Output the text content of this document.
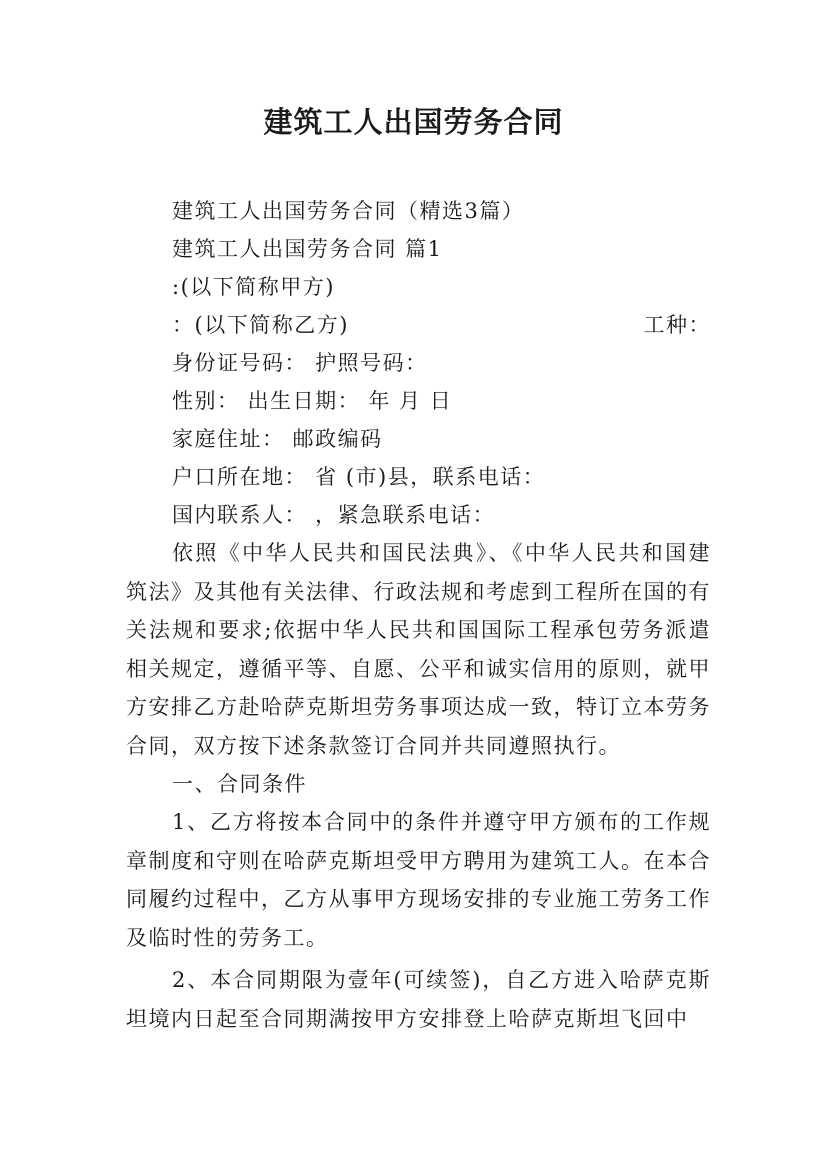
建筑工人出国劳务合同
建筑工人出国劳务合同（精选3篇）
建筑工人出国劳务合同 篇1
:(以下简称甲方)
：(以下简称乙方)	工种：
身份证号码： 护照号码：
性别： 出生日期： 年 月 日
家庭住址： 邮政编码
户口所在地： 省 (市)县，联系电话：
国内联系人： ，紧急联系电话：

依照《中华人民共和国民法典》、《中华人民共和国建筑法》及其他有关法律、行政法规和考虑到工程所在国的有关法规和要求;依据中华人民共和国国际工程承包劳务派遣相关规定，遵循平等、自愿、公平和诚实信用的原则，就甲方安排乙方赴哈萨克斯坦劳务事项达成一致，特订立本劳务合同，双方按下述条款签订合同并共同遵照执行。

一、合同条件

1、乙方将按本合同中的条件并遵守甲方颁布的工作规章制度和守则在哈萨克斯坦受甲方聘用为建筑工人。在本合同履约过程中，乙方从事甲方现场安排的专业施工劳务工作及临时性的劳务工。

2、本合同期限为壹年(可续签)，自乙方进入哈萨克斯坦境内日起至合同期满按甲方安排登上哈萨克斯坦飞回中
